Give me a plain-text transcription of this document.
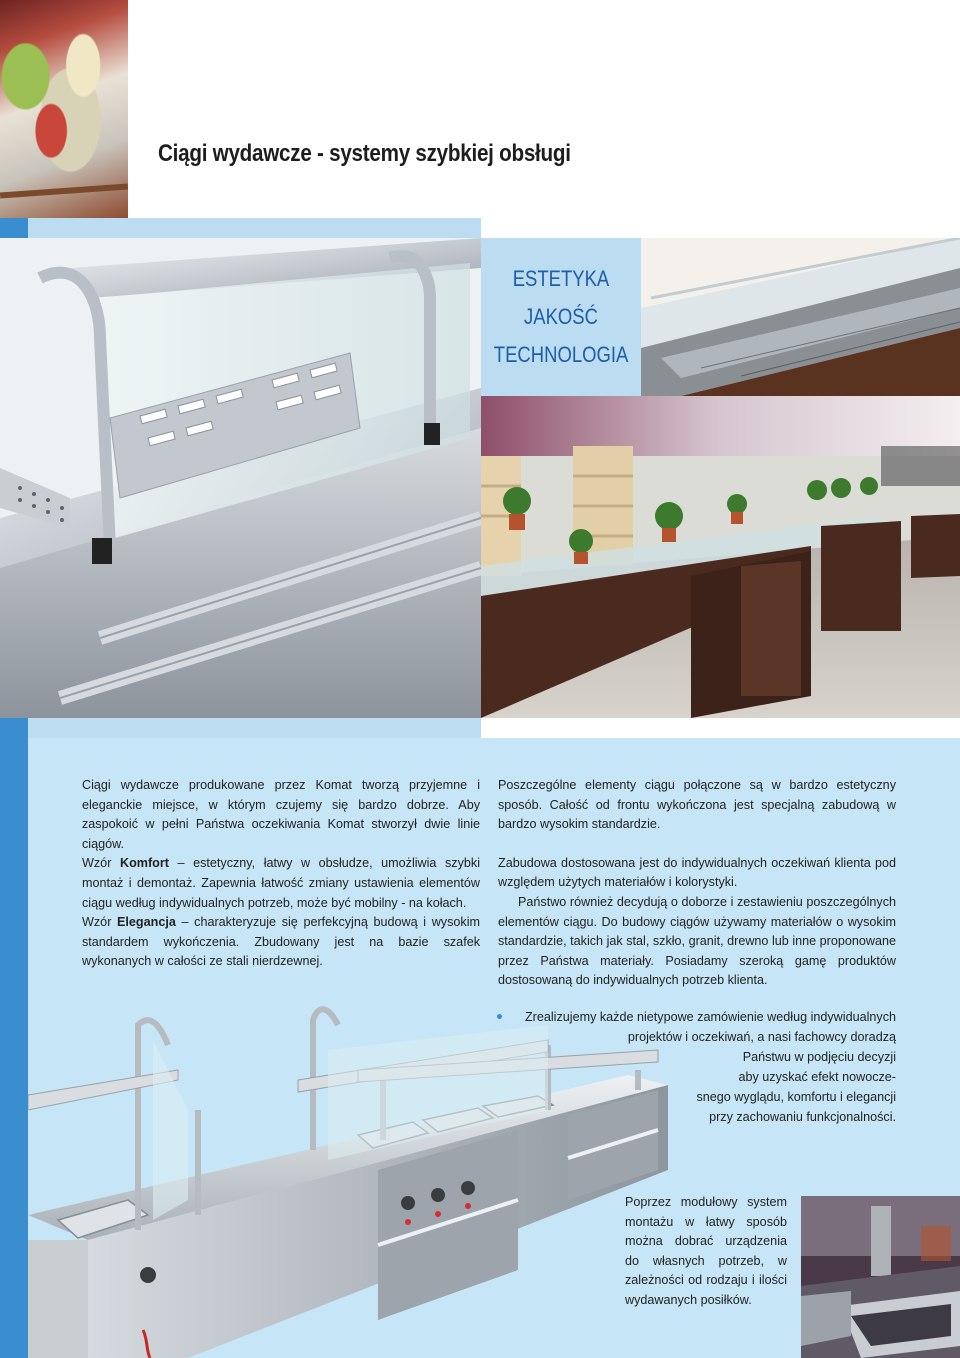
Ciągi wydawcze - systemy szybkiej obsługi
ESTETYKA
JAKOŚĆ
TECHNOLOGIA

Ciągi wydawcze produkowane przez Komat tworzą przyjemne i eleganckie miejsce, w którym czujemy się bardzo dobrze. Aby zaspokoić w pełni Państwa oczekiwania Komat stworzył dwie linie ciągów.

Wzór Komfort – estetyczny, łatwy w obsłudze, umożliwia szybki montaż i demontaż. Zapewnia łatwość zmiany ustawienia elementów ciągu według indywidualnych potrzeb, może być mobilny - na kołach.

Wzór Elegancja – charakteryzuje się perfekcyjną budową i wysokim standardem wykończenia. Zbudowany jest na bazie szafek wykonanych w całości ze stali nierdzewnej.

Poszczególne elementy ciągu połączone są w bardzo estetyczny sposób. Całość od frontu wykończona jest specjalną zabudową w bardzo wysokim standardzie.

Zabudowa dostosowana jest do indywidualnych oczekiwań klienta pod względem użytych materiałów i kolorystyki.

Państwo również decydują o doborze i zestawieniu poszczególnych elementów ciągu. Do budowy ciągów używamy materiałów o wysokim standardzie, takich jak stal, szkło, granit, drewno lub inne proponowane przez Państwa materiały. Posiadamy szeroką gamę produktów dostosowaną do indywidualnych potrzeb klienta.

Zrealizujemy każde nietypowe zamówienie według indywidualnych
projektów i oczekiwań, a nasi fachowcy doradzą
Państwu w podjęciu decyzji
aby uzyskać efekt nowocze-
snego wyglądu, komfortu i elegancji
przy zachowaniu funkcjonalności.
Poprzez modułowy system montażu w łatwy sposób można dobrać urządzenia do własnych potrzeb, w zależności od rodzaju i ilości wydawanych posiłków.
